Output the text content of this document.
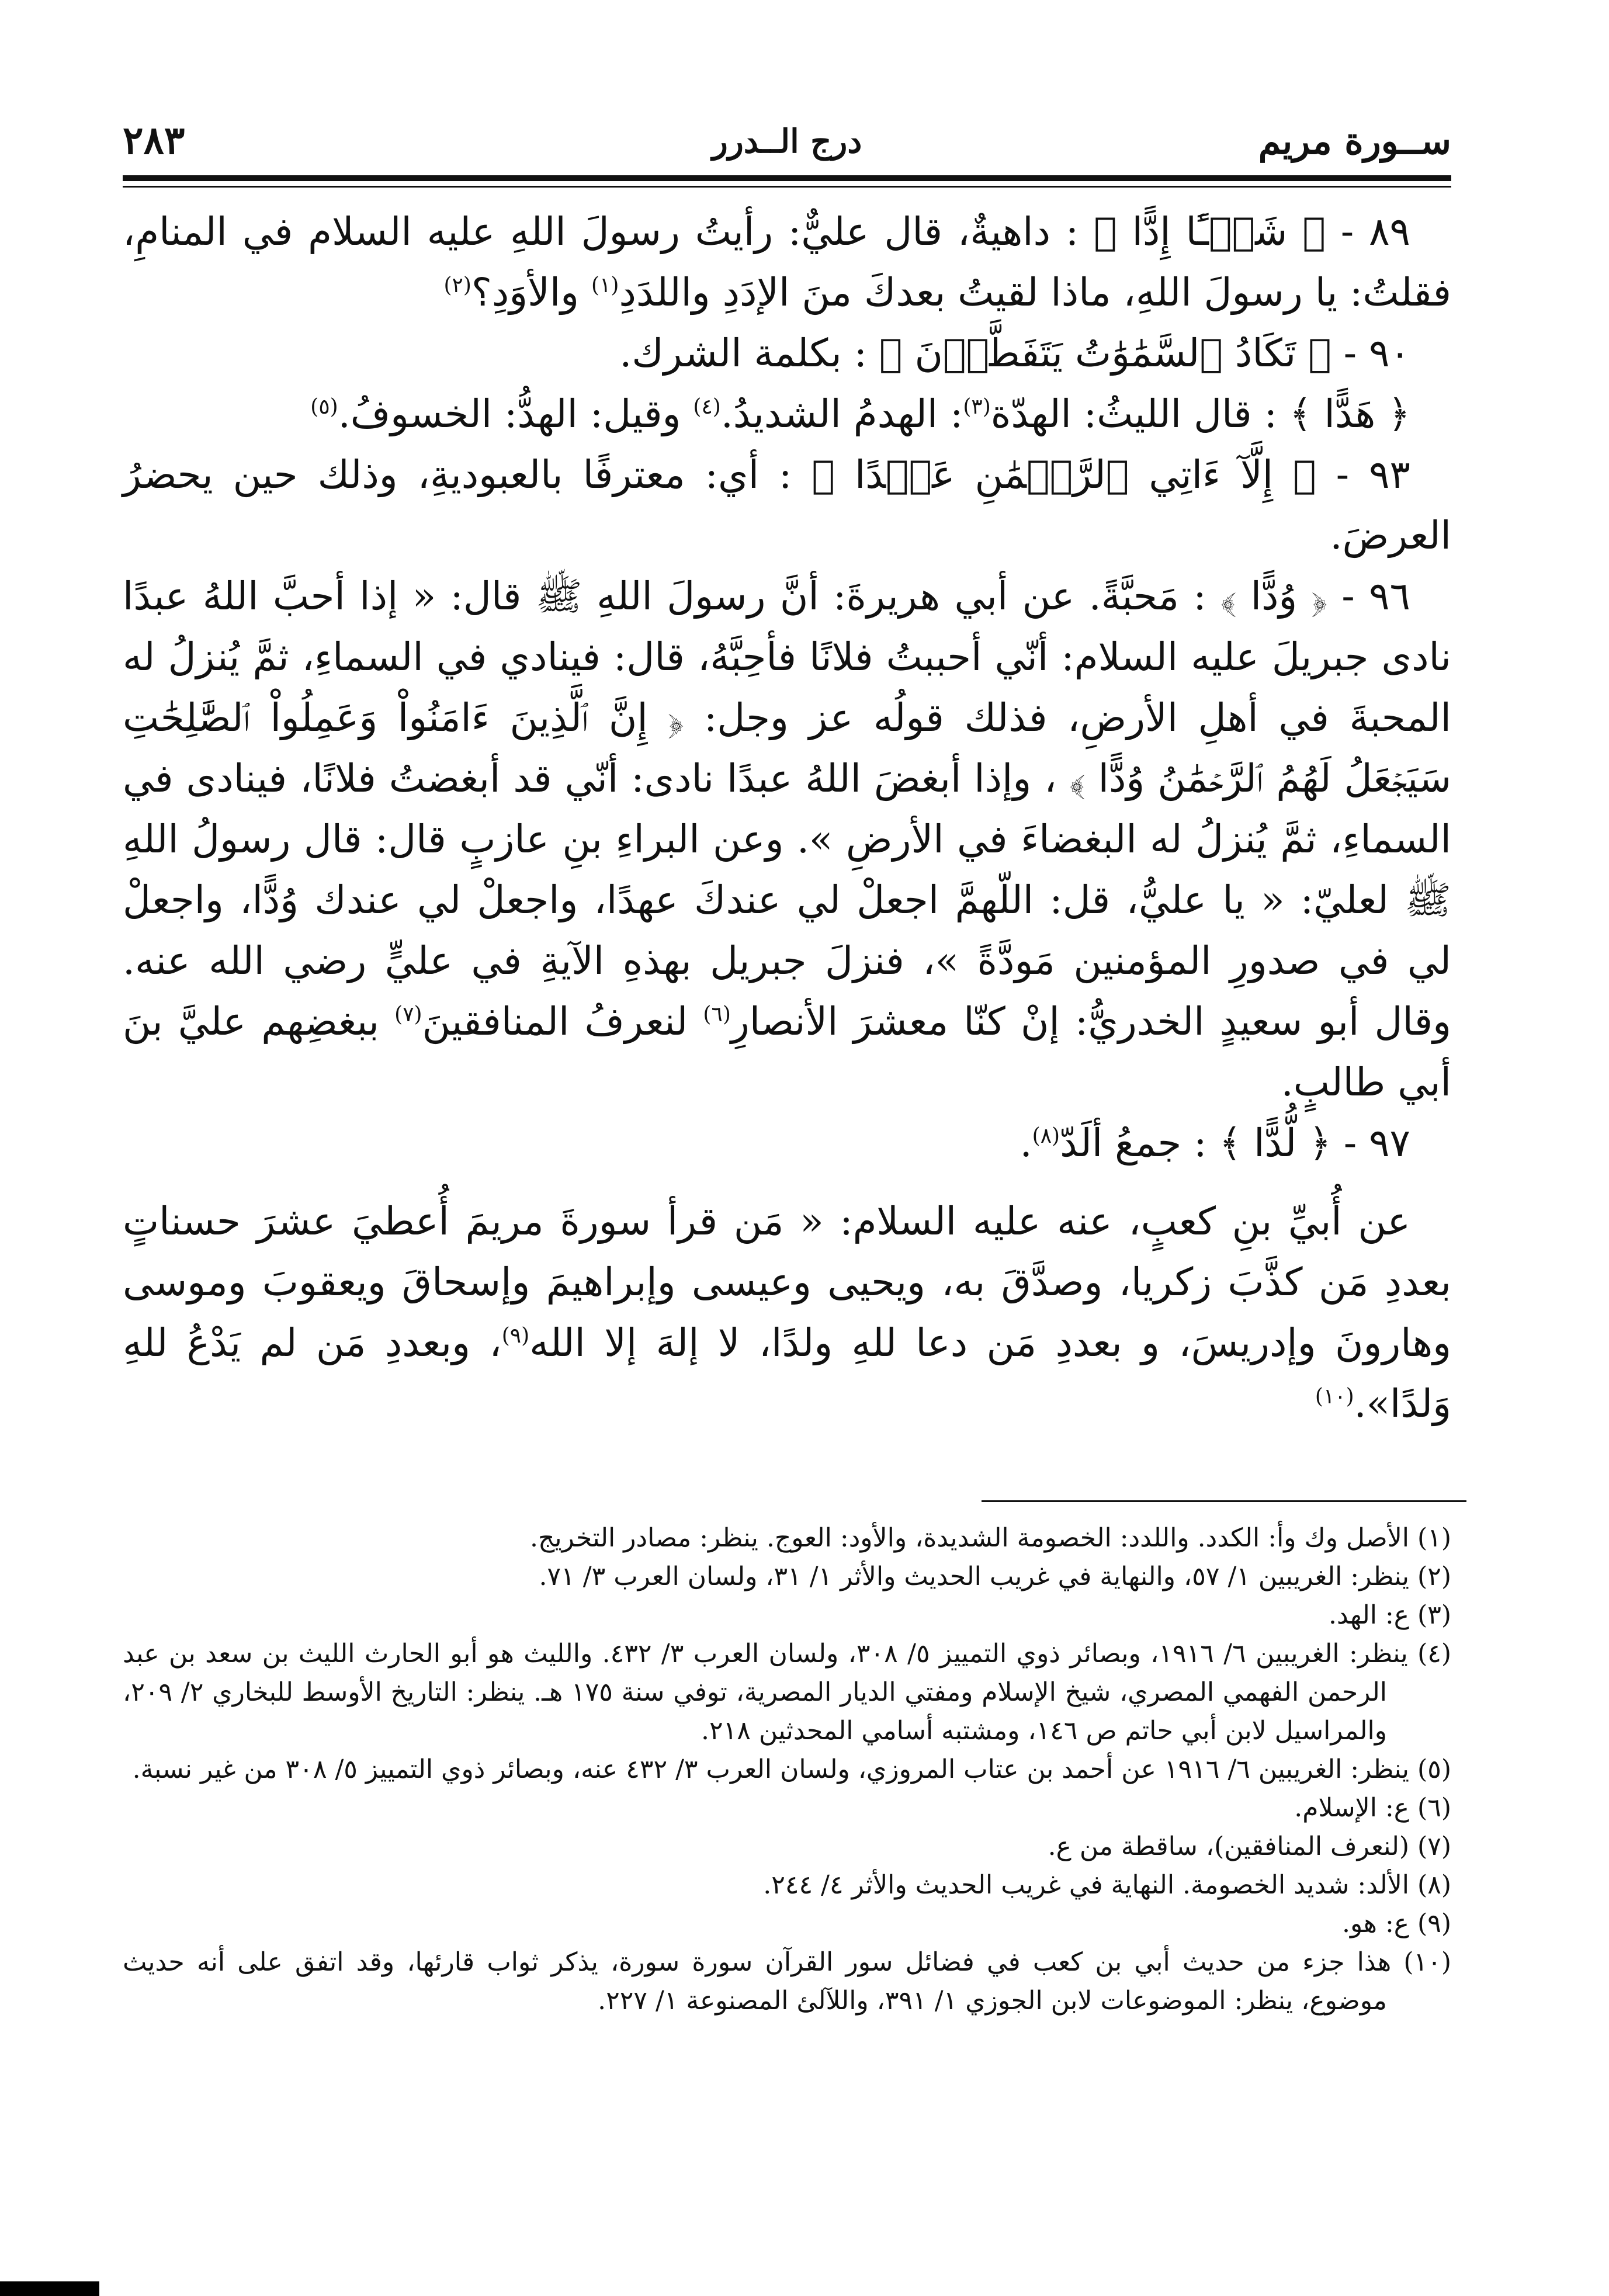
ســورة مريم
درج الــدرر
٢٨٣

٨٩ - ﴿ شَيۡـًٔا إِدًّا ﴾ : داهيةٌ، قال عليٌّ: رأيتُ رسولَ اللهِ عليه السلام في المنامِ، فقلتُ: يا رسولَ اللهِ، ماذا لقيتُ بعدكَ منَ الإدَدِ واللدَدِ$^{(١)}$ والأوَدِ؟$^{(٢)}$

٩٠ - ﴿ تَكَادُ ٱلسَّمَٰوَٰتُ يَتَفَطَّرۡنَ ﴾ : بكلمة الشرك.

﴿ هَدًّا ﴾ : قال الليثُ: الهدّة$^{(٣)}$: الهدمُ الشديدُ.$^{(٤)}$ وقيل: الهدُّ: الخسوفُ.$^{(٥)}$

٩٣ - ﴿ إِلَّآ ءَاتِي ٱلرَّحۡمَٰنِ عَبۡدًا ﴾ : أي: معترفًا بالعبوديةِ، وذلك حين يحضرُ العرضَ.

٩٦ - ﴿ وُدًّا ﴾ : مَحبَّةً. عن أبي هريرةَ: أنَّ رسولَ اللهِ ﷺ قال: « إذا أحبَّ اللهُ عبدًا نادى جبريلَ عليه السلام: أنّي أحببتُ فلانًا فأحِبَّهُ، قال: فينادي في السماءِ، ثمَّ يُنزلُ له المحبةَ في أهلِ الأرضِ، فذلك قولُه عز وجل: ﴿ إِنَّ ٱلَّذِينَ ءَامَنُواْ وَعَمِلُواْ ٱلصَّٰلِحَٰتِ سَيَجۡعَلُ لَهُمُ ٱلرَّحۡمَٰنُ وُدًّا ﴾ ، وإذا أبغضَ اللهُ عبدًا نادى: أنّي قد أبغضتُ فلانًا، فينادى في السماءِ، ثمَّ يُنزلُ له البغضاءَ في الأرضِ ». وعن البراءِ بنِ عازبٍ قال: قال رسولُ اللهِ ﷺ لعليّ: « يا عليُّ، قل: اللّهمَّ اجعلْ لي عندكَ عهدًا، واجعلْ لي عندك وُدًّا، واجعلْ لي في صدورِ المؤمنين مَودَّةً »، فنزلَ جبريل بهذهِ الآيةِ في عليٍّ رضي الله عنه. وقال أبو سعيدٍ الخدريُّ: إنْ كنّا معشرَ الأنصارِ$^{(٦)}$ لنعرفُ المنافقينَ$^{(٧)}$ ببغضِهم عليَّ بنَ أبي طالبٍ.

٩٧ - ﴿ لُّدًّا ﴾ : جمعُ ألَدّ$^{(٨)}$.

عن أُبيِّ بنِ كعبٍ، عنه عليه السلام: « مَن قرأ سورةَ مريمَ أُعطيَ عشرَ حسناتٍ بعددِ مَن كذَّبَ زكريا، وصدَّقَ به، ويحيى وعيسى وإبراهيمَ وإسحاقَ ويعقوبَ وموسى وهارونَ وإدريسَ، و بعددِ مَن دعا للهِ ولدًا، لا إلهَ إلا الله$^{(٩)}$، وبعددِ مَن لم يَدْعُ للهِ وَلدًا».$^{(١٠)}$

(١) الأصل وك وأ: الكدد. واللدد: الخصومة الشديدة، والأود: العوج. ينظر: مصادر التخريج.

(٢) ينظر: الغريبين ١/ ٥٧، والنهاية في غريب الحديث والأثر ١/ ٣١، ولسان العرب ٣/ ٧١.

(٣) ع: الهد.

(٤) ينظر: الغريبين ٦/ ١٩١٦، وبصائر ذوي التمييز ٥/ ٣٠٨، ولسان العرب ٣/ ٤٣٢. والليث هو أبو الحارث الليث بن سعد بن عبد الرحمن الفهمي المصري، شيخ الإسلام ومفتي الديار المصرية، توفي سنة ١٧٥ هـ. ينظر: التاريخ الأوسط للبخاري ٢/ ٢٠٩، والمراسيل لابن أبي حاتم ص ١٤٦، ومشتبه أسامي المحدثين ٢١٨.

(٥) ينظر: الغريبين ٦/ ١٩١٦ عن أحمد بن عتاب المروزي، ولسان العرب ٣/ ٤٣٢ عنه، وبصائر ذوي التمييز ٥/ ٣٠٨ من غير نسبة.

(٦) ع: الإسلام.

(٧) (لنعرف المنافقين)، ساقطة من ع.

(٨) الألد: شديد الخصومة. النهاية في غريب الحديث والأثر ٤/ ٢٤٤.

(٩) ع: هو.

(١٠) هذا جزء من حديث أبي بن كعب في فضائل سور القرآن سورة سورة، يذكر ثواب قارئها، وقد اتفق على أنه حديث موضوع، ينظر: الموضوعات لابن الجوزي ١/ ٣٩١، واللآلئ المصنوعة ١/ ٢٢٧.
